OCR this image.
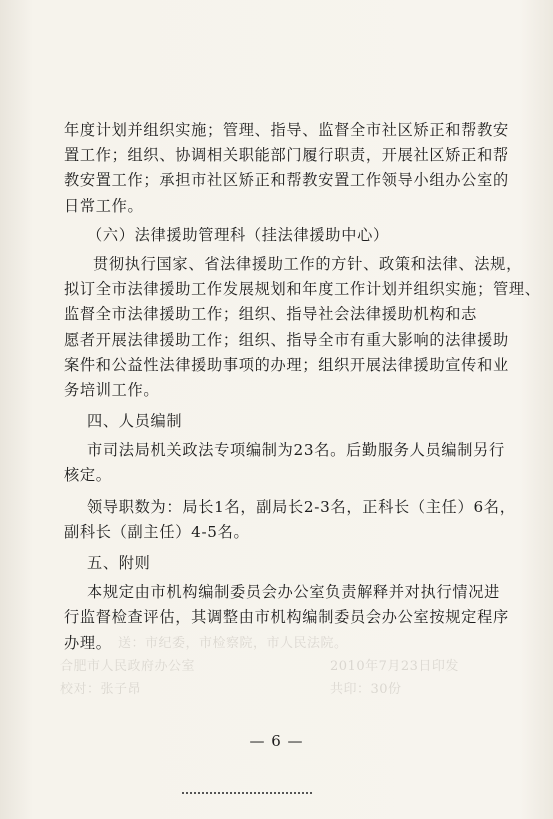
年度计划并组织实施；管理、指导、监督全市社区矫正和帮教安
置工作；组织、协调相关职能部门履行职责，开展社区矫正和帮
教安置工作；承担市社区矫正和帮教安置工作领导小组办公室的
日常工作。
（六）法律援助管理科（挂法律援助中心）
贯彻执行国家、省法律援助工作的方针、政策和法律、法规，
拟订全市法律援助工作发展规划和年度工作计划并组织实施；管理、
监督全市法律援助工作；组织、指导社会法律援助机构和志
愿者开展法律援助工作；组织、指导全市有重大影响的法律援助
案件和公益性法律援助事项的办理；组织开展法律援助宣传和业
务培训工作。
四、人员编制
市司法局机关政法专项编制为23名。后勤服务人员编制另行
核定。
领导职数为：局长1名，副局长2-3名，正科长（主任）6名，
副科长（副主任）4-5名。
五、附则
本规定由市机构编制委员会办公室负责解释并对执行情况进
行监督检查评估，其调整由市机构编制委员会办公室按规定程序
办理。 送：市纪委，市检察院，市人民法院。
合肥市人民政府办公室	2010年7月23日印发
校对：张子昂	共印：30份
— 6 —
